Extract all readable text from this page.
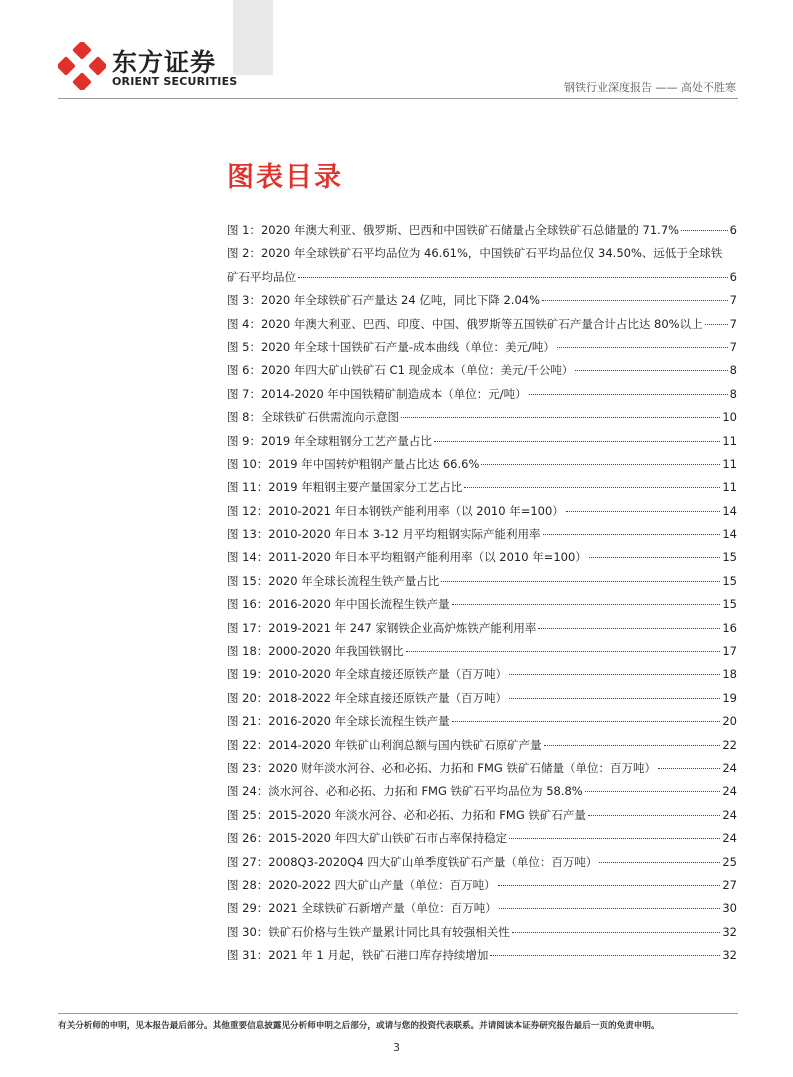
东方证券
ORIENT SECURITIES	钢铁行业深度报告 —— 高处不胜寒
图表目录
图 1：2020 年澳大利亚、俄罗斯、巴西和中国铁矿石储量占全球铁矿石总储量的 71.7%	6
图 2：2020 年全球铁矿石平均品位为 46.61%，中国铁矿石平均品位仅 34.50%、远低于全球铁
矿石平均品位	6
图 3：2020 年全球铁矿石产量达 24 亿吨，同比下降 2.04%	7
图 4：2020 年澳大利亚、巴西、印度、中国、俄罗斯等五国铁矿石产量合计占比达 80%以上 7
图 5：2020 年全球十国铁矿石产量-成本曲线（单位：美元/吨）	7
图 6：2020 年四大矿山铁矿石 C1 现金成本（单位：美元/千公吨）	8
图 7：2014-2020 年中国铁精矿制造成本（单位：元/吨）	8
图 8：全球铁矿石供需流向示意图	10
图 9：2019 年全球粗钢分工艺产量占比	11
图 10：2019 年中国转炉粗钢产量占比达 66.6%	11
图 11：2019 年粗钢主要产量国家分工艺占比	11
图 12：2010-2021 年日本钢铁产能利用率（以 2010 年=100）	14
图 13：2010-2020 年日本 3-12 月平均粗钢实际产能利用率	14
图 14：2011-2020 年日本平均粗钢产能利用率（以 2010 年=100）	15
图 15：2020 年全球长流程生铁产量占比	15
图 16：2016-2020 年中国长流程生铁产量	15
图 17：2019-2021 年 247 家钢铁企业高炉炼铁产能利用率	16
图 18：2000-2020 年我国铁钢比	17
图 19：2010-2020 年全球直接还原铁产量（百万吨）	18
图 20：2018-2022 年全球直接还原铁产量（百万吨）	19
图 21：2016-2020 年全球长流程生铁产量	20
图 22：2014-2020 年铁矿山利润总额与国内铁矿石原矿产量	22
图 23：2020 财年淡水河谷、必和必拓、力拓和 FMG 铁矿石储量（单位：百万吨）	24
图 24：淡水河谷、必和必拓、力拓和 FMG 铁矿石平均品位为 58.8%	24
图 25：2015-2020 年淡水河谷、必和必拓、力拓和 FMG 铁矿石产量	24
图 26：2015-2020 年四大矿山铁矿石市占率保持稳定	24
图 27：2008Q3-2020Q4 四大矿山单季度铁矿石产量（单位：百万吨）	25
图 28：2020-2022 四大矿山产量（单位：百万吨）	27
图 29：2021 全球铁矿石新增产量（单位：百万吨）	30
图 30：铁矿石价格与生铁产量累计同比具有较强相关性	32
图 31：2021 年 1 月起，铁矿石港口库存持续增加	32
有关分析师的申明，见本报告最后部分。其他重要信息披露见分析师申明之后部分，或请与您的投资代表联系。并请阅读本证券研究报告最后一页的免责申明。
3
